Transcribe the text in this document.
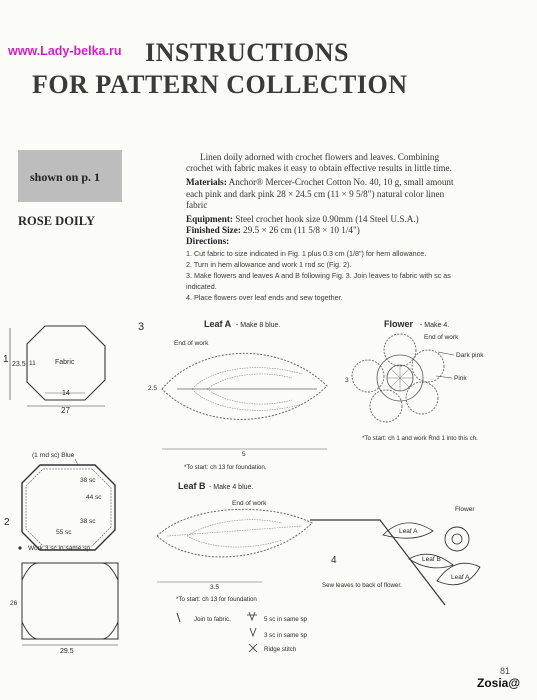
www.Lady-belka.ru INSTRUCTIONS
FOR PATTERN COLLECTION
shown on p. 1
ROSE DOILY

Linen doily adorned with crochet flowers and leaves. Combining crochet with fabric makes it easy to obtain effective results in little time.

Materials: Anchor® Mercer-Crochet Cotton No. 40, 10 g, small amount each pink and dark pink 28 × 24.5 cm (11 × 9 5/8") natural color linen fabric
Equipment: Steel crochet hook size 0.90mm (14 Steel U.S.A.)
Finished Size: 29.5 × 26 cm (11 5/8 × 10 1/4")
Directions:
1. Cut fabric to size indicated in Fig. 1 plus 0.3 cm (1/8") for hem allowance.
2. Turn in hem allowance and work 1 rnd sc (Fig. 2).
3. Make flowers and leaves A and B following Fig. 3. Join leaves to fabric with sc as indicated.
4. Place flowers over leaf ends and sew together.
1 23.5 11	Fabric
14
27
(1 rnd sc) Blue
38 sc
44 sc
38 sc
55 sc
2
Work 3 sc in same sp
26
29.5
3	Leaf A - Make 8 blue.
End of work
2.5
5
*To start: ch 13 for foundation.
Flower - Make 4.
End of work
Dark pink
Pink
3
*To start: ch 1 and work Rnd 1 into this ch.
Leaf B - Make 4 blue.
End of work
3.5
*To start: ch 13 for foundation
Join to fabric.	5 sc in same sp
3 sc in same sp
Ridge stitch
Leaf A
Leaf B
Leaf A
Flower
4
Sew leaves to back of flower.
81
Zosia@
